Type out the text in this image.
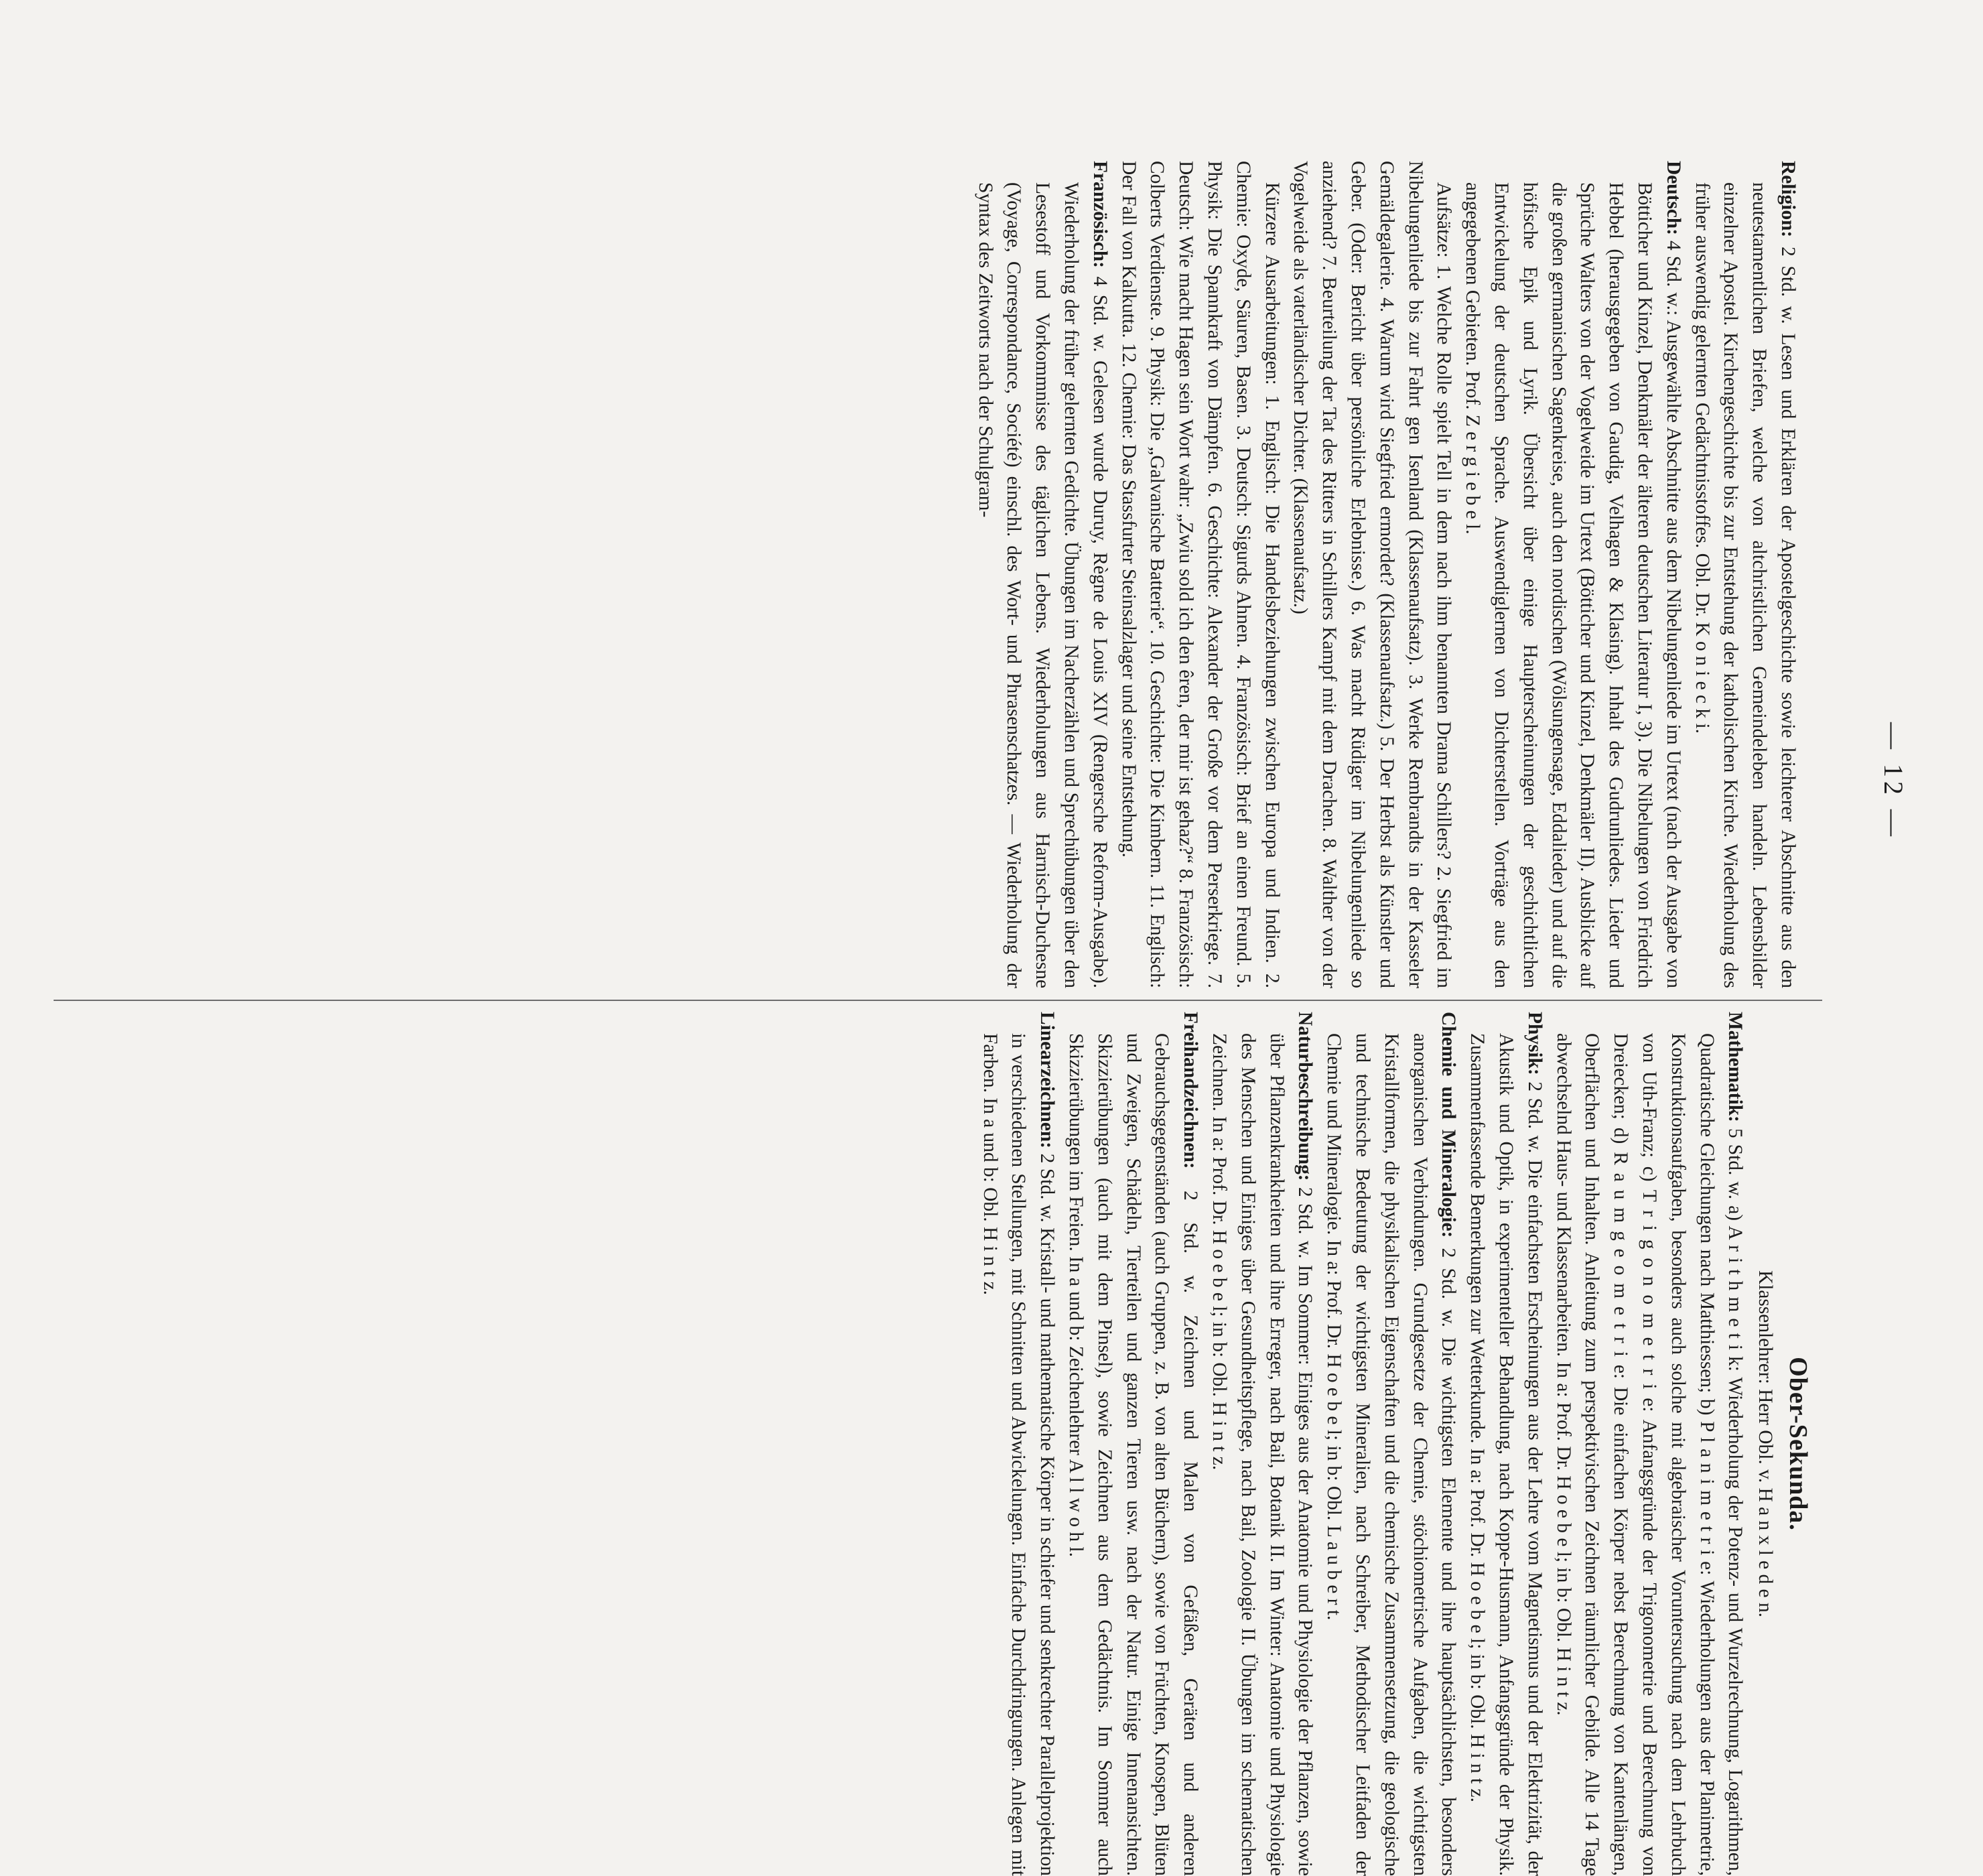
— 12 —

Religion: 2 Std. w. Lesen und Erklären der Apostelgeschichte sowie leichterer Abschnitte aus den neutestamentlichen Briefen, welche von altchristlichen Gemeindeleben handeln. Lebensbilder einzelner Apostel. Kirchengeschichte bis zur Entstehung der katholischen Kirche. Wiederholung des früher auswendig gelernten Gedächtnisstoffes. Obl. Dr. K o n i e c k i.

Deutsch: 4 Std. w.: Ausgewählte Abschnitte aus dem Nibelungenliede im Urtext (nach der Ausgabe von Bötticher und Kinzel, Denkmäler der älteren deutschen Literatur I, 3). Die Nibelungen von Friedrich Hebbel (herausgegeben von Gaudig, Velhagen & Klasing). Inhalt des Gudrunliedes. Lieder und Sprüche Walters von der Vogelweide im Urtext (Bötticher und Kinzel, Denkmäler II). Ausblicke auf die großen germanischen Sagenkreise, auch den nordischen (Wölsungensage, Eddalieder) und auf die höfische Epik und Lyrik. Übersicht über einige Haupterscheinungen der geschichtlichen Entwickelung der deutschen Sprache. Auswendiglernen von Dichterstellen. Vorträge aus den angegebenen Gebieten. Prof. Z e r g i e b e l.

Aufsätze: 1. Welche Rolle spielt Tell in dem nach ihm benannten Drama Schillers? 2. Siegfried im Nibelungenliede bis zur Fahrt gen Isenland (Klassenaufsatz). 3. Werke Rembrandts in der Kasseler Gemäldegalerie. 4. Warum wird Siegfried ermordet? (Klassenaufsatz.) 5. Der Herbst als Künstler und Geber. (Oder: Bericht über persönliche Erlebnisse.) 6. Was macht Rüdiger im Nibelungenliede so anziehend? 7. Beurteilung der Tat des Ritters in Schillers Kampf mit dem Drachen. 8. Walther von der Vogelweide als vaterländischer Dichter. (Klassenaufsatz.)

Kürzere Ausarbeitungen: 1. Englisch: Die Handelsbeziehungen zwischen Europa und Indien. 2. Chemie: Oxyde, Säuren, Basen. 3. Deutsch: Sigurds Ahnen. 4. Französisch: Brief an einen Freund. 5. Physik: Die Spannkraft von Dämpfen. 6. Geschichte: Alexander der Große vor dem Perserkriege. 7. Deutsch: Wie macht Hagen sein Wort wahr: „Zwiu sold ich den êren, der mir ist gehaz?“ 8. Französisch: Colberts Verdienste. 9. Physik: Die „Galvanische Batterie“. 10. Geschichte: Die Kimbern. 11. Englisch: Der Fall von Kalkutta. 12. Chemie: Das Stassfurter Steinsalzlager und seine Entstehung.

Französisch: 4 Std. w. Gelesen wurde Duruy, Règne de Louis XIV (Rengersche Reform-Ausgabe). Wiederholung der früher gelernten Gedichte. Übungen im Nacherzählen und Sprechübungen über den Lesestoff und Vorkommnisse des täglichen Lebens. Wiederholungen aus Harnisch-Duchesne (Voyage, Correspondance, Société) einschl. des Wort- und Phrasenschatzes. — Wiederholung der Syntax des Zeitworts nach der Schulgram-

Ober-Sekunda.
Klassenlehrer: Herr Obl. v. H a n x l e d e n.

Mathematik: 5 Std. w. a) A r i t h m e t i k: Wiederholung der Potenz- und Wurzelrechnung, Logarithmen, Quadratische Gleichungen nach Matthiessen; b) P l a n i m e t r i e: Wiederholungen aus der Planimetrie, Konstruktionsaufgaben, besonders auch solche mit algebraischer Voruntersuchung nach dem Lehrbuch von Uth-Franz; c) T r i g o n o m e t r i e: Anfangsgründe der Trigonometrie und Berechnung von Dreiecken; d) R a u m g e o m e t r i e: Die einfachen Körper nebst Berechnung von Kantenlängen, Oberflächen und Inhalten. Anleitung zum perspektivischen Zeichnen räumlicher Gebilde. Alle 14 Tage abwechselnd Haus- und Klassenarbeiten. In a: Prof. Dr. H o e b e l; in b: Obl. H i n t z.

Physik: 2 Std. w. Die einfachsten Erscheinungen aus der Lehre vom Magnetismus und der Elektrizität, der Akustik und Optik, in experimenteller Behandlung, nach Koppe-Husmann, Anfangsgründe der Physik. Zusammenfassende Bemerkungen zur Wetterkunde. In a: Prof. Dr. H o e b e l; in b: Obl. H i n t z.

Chemie und Mineralogie: 2 Std. w. Die wichtigsten Elemente und ihre hauptsächlichsten, besonders anorganischen Verbindungen. Grundgesetze der Chemie, stöchiometrische Aufgaben, die wichtigsten Kristallformen, die physikalischen Eigenschaften und die chemische Zusammensetzung, die geologische und technische Bedeutung der wichtigsten Mineralien, nach Schreiber, Methodischer Leitfaden der Chemie und Mineralogie. In a: Prof. Dr. H o e b e l; in b: Obl. L a u b e r t.

Naturbeschreibung: 2 Std. w. Im Sommer: Einiges aus der Anatomie und Physiologie der Pflanzen, sowie über Pflanzenkrankheiten und ihre Erreger, nach Bail, Botanik II. Im Winter: Anatomie und Physiologie des Menschen und Einiges über Gesundheitspflege, nach Bail, Zoologie II. Übungen im schematischen Zeichnen. In a: Prof. Dr. H o e b e l; in b: Obl. H i n t z.

Freihandzeichnen: 2 Std. w. Zeichnen und Malen von Gefäßen, Geräten und anderen Gebrauchsgegenständen (auch Gruppen, z. B. von alten Büchern), sowie von Früchten, Knospen, Blüten und Zweigen, Schädeln, Tierteilen und ganzen Tieren usw. nach der Natur. Einige Innenansichten. Skizzierübungen (auch mit dem Pinsel), sowie Zeichnen aus dem Gedächtnis. Im Sommer auch Skizzierübungen im Freien. In a und b: Zeichenlehrer A l l w o h l.

Linearzeichnen: 2 Std. w. Kristall- und mathematische Körper in schiefer und senkrechter Parallelprojektion in verschiedenen Stellungen, mit Schnitten und Abwickelungen. Einfache Durchdringungen. Anlegen mit Farben. In a und b: Obl. H i n t z.
